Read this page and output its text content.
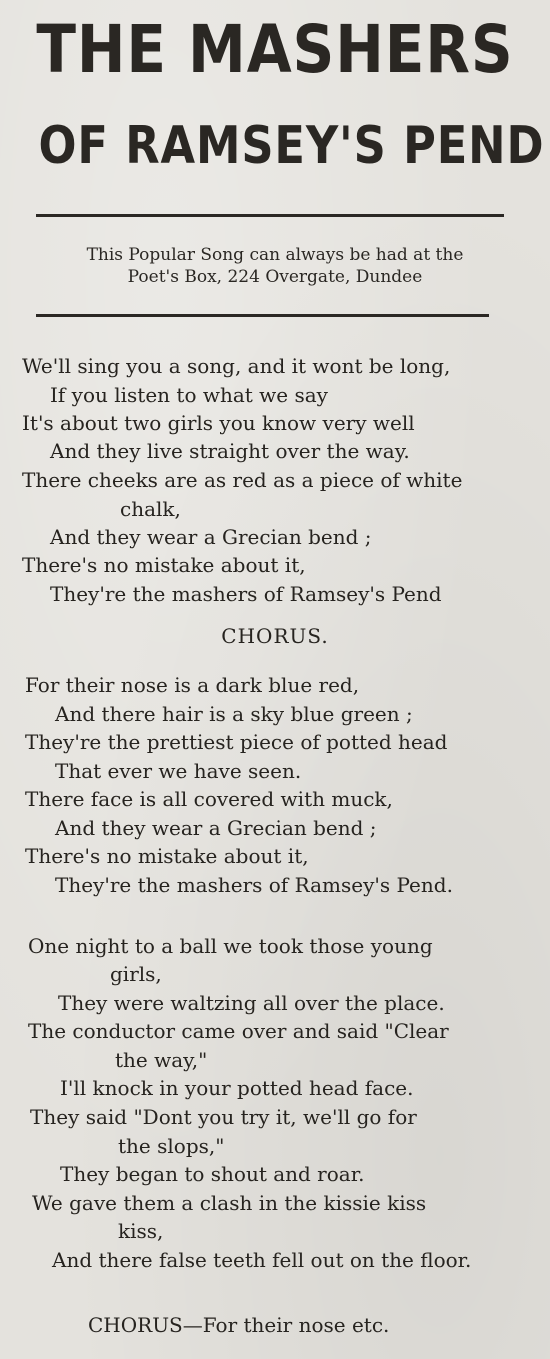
THE MASHERS
OF RAMSEY'S PEND
This Popular Song can always be had at the
Poet's Box, 224 Overgate, Dundee
We'll sing you a song, and it wont be long,
If you listen to what we say
It's about two girls you know very well
And they live straight over the way.
There cheeks are as red as a piece of white
chalk,
And they wear a Grecian bend ;
There's no mistake about it,
They're the mashers of Ramsey's Pend
CHORUS.
For their nose is a dark blue red,
And there hair is a sky blue green ;
They're the prettiest piece of potted head
That ever we have seen.
There face is all covered with muck,
And they wear a Grecian bend ;
There's no mistake about it,
They're the mashers of Ramsey's Pend.
One night to a ball we took those young
girls,
They were waltzing all over the place.
The conductor came over and said "Clear
the way,"
I'll knock in your potted head face.
They said "Dont you try it, we'll go for
the slops,"
They began to shout and roar.
We gave them a clash in the kissie kiss
kiss,
And there false teeth fell out on the floor.
CHORUS—For their nose etc.
